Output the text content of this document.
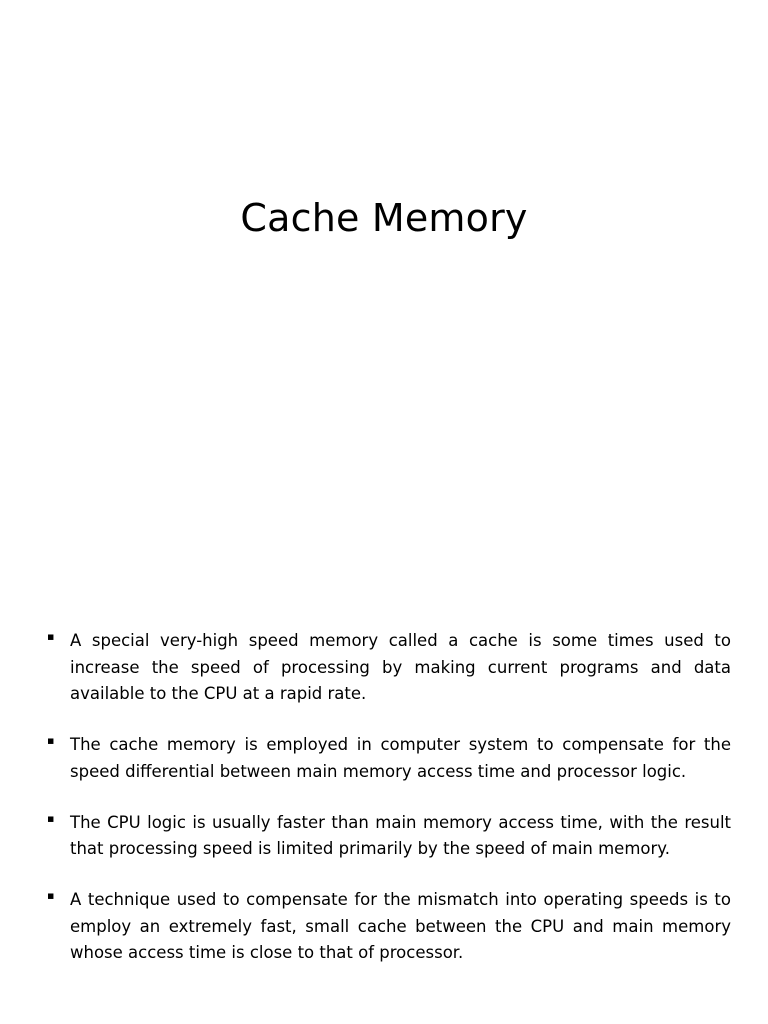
Cache Memory
▪ A special very-high speed memory called a cache is some times used to increase the speed of processing by making current programs and data available to the CPU at a rapid rate.
▪ The cache memory is employed in computer system to compensate for the speed differential between main memory access time and processor logic.
▪ The CPU logic is usually faster than main memory access time, with the result that processing speed is limited primarily by the speed of main memory.
▪ A technique used to compensate for the mismatch into operating speeds is to employ an extremely fast, small cache between the CPU and main memory whose access time is close to that of processor.
